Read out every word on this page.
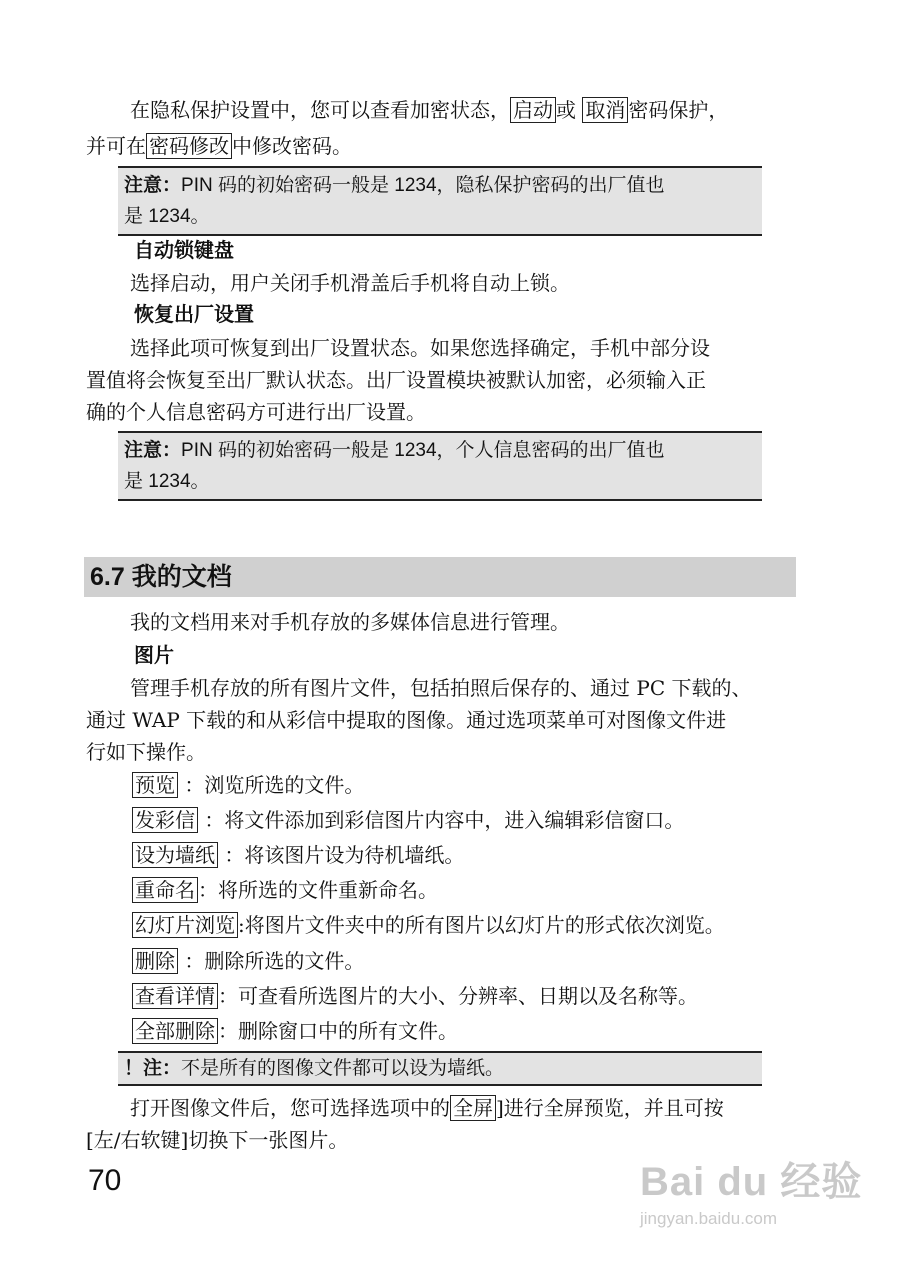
在隐私保护设置中，您可以查看加密状态， 启动 或 取消 密码保护，
并可在 密码修改 中修改密码。
注意：PIN 码的初始密码一般是 1234，隐私保护密码的出厂值也
是 1234。
自动锁键盘
选择启动，用户关闭手机滑盖后手机将自动上锁。
恢复出厂设置
选择此项可恢复到出厂设置状态。如果您选择确定，手机中部分设
置值将会恢复至出厂默认状态。出厂设置模块被默认加密，必须输入正
确的个人信息密码方可进行出厂设置。
注意：PIN 码的初始密码一般是 1234，个人信息密码的出厂值也
是 1234。
6.7 我的文档
我的文档用来对手机存放的多媒体信息进行管理。
图片
管理手机存放的所有图片文件，包括拍照后保存的、通过 PC 下载的、
通过 WAP 下载的和从彩信中提取的图像。通过选项菜单可对图像文件进
行如下操作。
预览 ：浏览所选的文件。
发彩信 ：将文件添加到彩信图片内容中，进入编辑彩信窗口。
设为墙纸 ：将该图片设为待机墙纸。
重命名 ：将所选的文件重新命名。
幻灯片浏览 :将图片文件夹中的所有图片以幻灯片的形式依次浏览。
删除 ：删除所选的文件。
查看详情 ：可查看所选图片的大小、分辨率、日期以及名称等。
全部删除 ：删除窗口中的所有文件。
！注：不是所有的图像文件都可以设为墙纸。
打开图像文件后，您可选择选项中的 全屏 ]进行全屏预览，并且可按
[左/右软键]切换下一张图片。
70	Bai du 经验
jingyan.baidu.com
